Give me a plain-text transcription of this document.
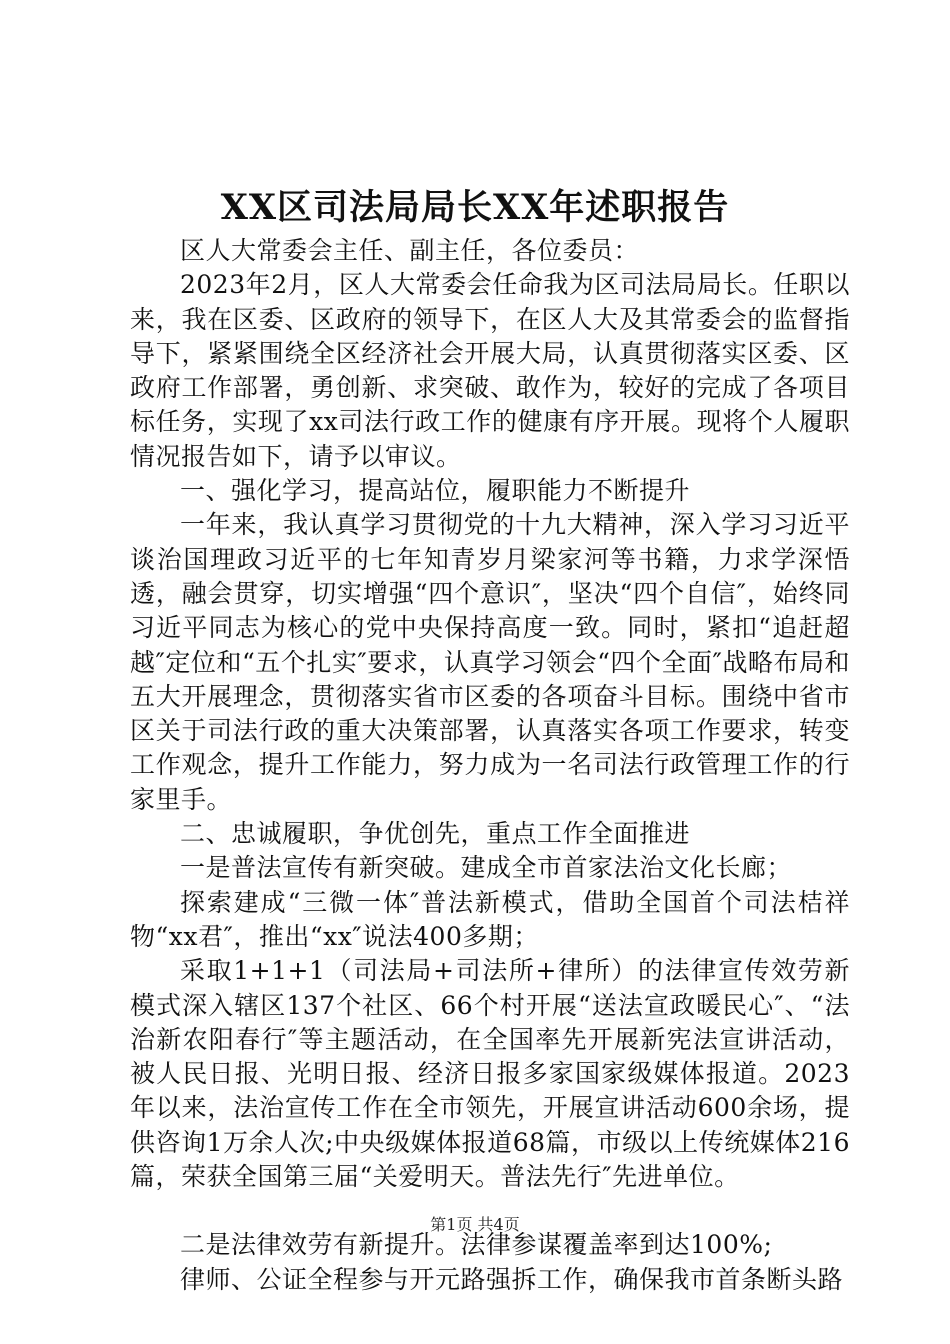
XX区司法局局长XX年述职报告

区人大常委会主任、副主任，各位委员：

2023年2月，区人大常委会任命我为区司法局局长。任职以来，我在区委、区政府的领导下，在区人大及其常委会的监督指导下，紧紧围绕全区经济社会开展大局，认真贯彻落实区委、区政府工作部署，勇创新、求突破、敢作为，较好的完成了各项目标任务，实现了xx司法行政工作的健康有序开展。现将个人履职情况报告如下，请予以审议。

一、强化学习，提高站位，履职能力不断提升

一年来，我认真学习贯彻党的十九大精神，深入学习习近平谈治国理政习近平的七年知青岁月梁家河等书籍，力求学深悟透，融会贯穿，切实增强“四个意识″，坚决“四个自信″，始终同习近平同志为核心的党中央保持高度一致。同时，紧扣“追赶超越″定位和“五个扎实″要求，认真学习领会“四个全面″战略布局和五大开展理念，贯彻落实省市区委的各项奋斗目标。围绕中省市区关于司法行政的重大决策部署，认真落实各项工作要求，转变工作观念，提升工作能力，努力成为一名司法行政管理工作的行家里手。

二、忠诚履职，争优创先，重点工作全面推进

一是普法宣传有新突破。建成全市首家法治文化长廊；

探索建成“三微一体″普法新模式，借助全国首个司法桔祥物“xx君″，推出“xx″说法400多期；

采取1+1+1（司法局+司法所+律所）的法律宣传效劳新模式深入辖区137个社区、66个村开展“送法宣政暖民心″、“法治新农阳春行″等主题活动，在全国率先开展新宪法宣讲活动，被人民日报、光明日报、经济日报多家国家级媒体报道。2023年以来，法治宣传工作在全市领先，开展宣讲活动600余场，提供咨询1万余人次;中央级媒体报道68篇，市级以上传统媒体216篇，荣获全国第三届“关爱明天。普法先行″先进单位。

二是法律效劳有新提升。法律参谋覆盖率到达100%;

律师、公证全程参与开元路强拆工作，确保我市首条断头路

第1页 共4页
